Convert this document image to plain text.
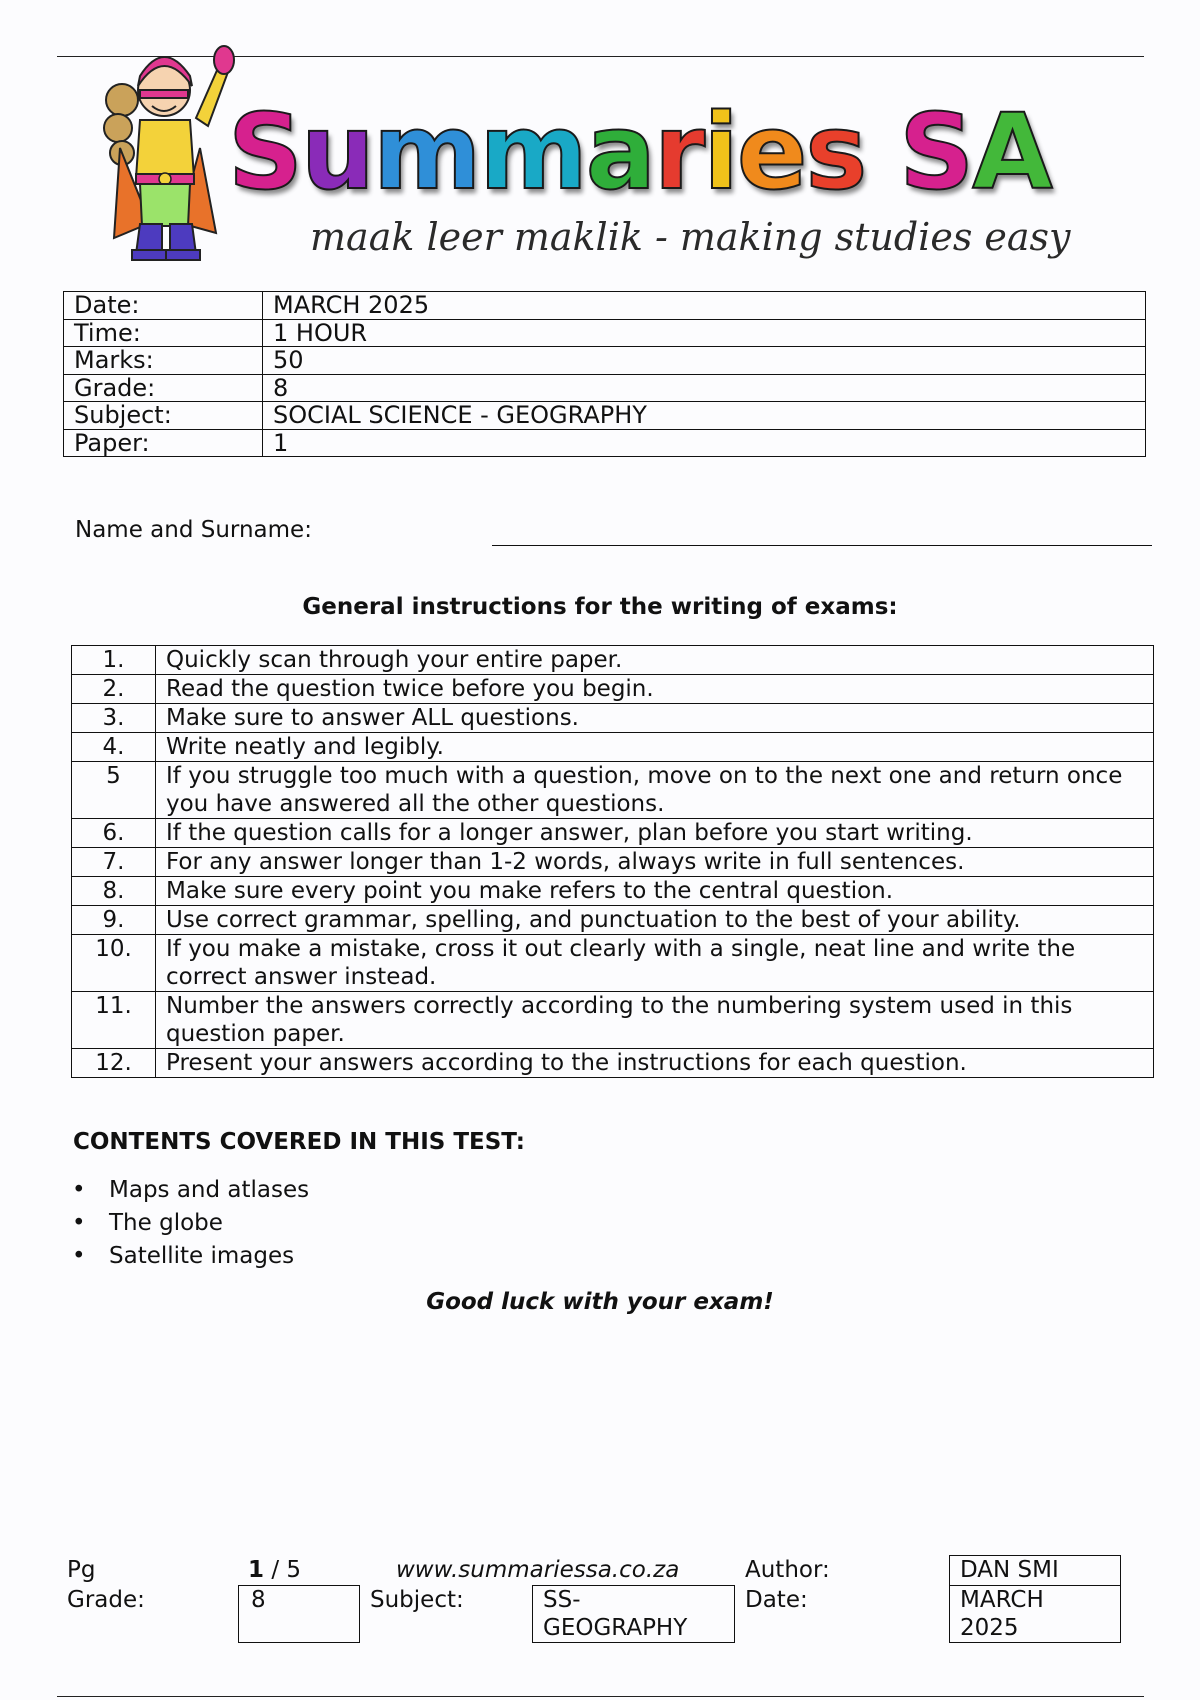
Summaries SA
maak leer maklik - making studies easy
Date:	MARCH 2025
Time:	1 HOUR
Marks:	50
Grade:	8
Subject:	SOCIAL SCIENCE - GEOGRAPHY
Paper:	1
Name and Surname:
General instructions for the writing of exams:
1.	Quickly scan through your entire paper.
2.	Read the question twice before you begin.
3.	Make sure to answer ALL questions.
4.	Write neatly and legibly.
5	If you struggle too much with a question, move on to the next one and return once you have answered all the other questions.
6.	If the question calls for a longer answer, plan before you start writing.
7.	For any answer longer than 1-2 words, always write in full sentences.
8.	Make sure every point you make refers to the central question.
9.	Use correct grammar, spelling, and punctuation to the best of your ability.
10.	If you make a mistake, cross it out clearly with a single, neat line and write the correct answer instead.
11.	Number the answers correctly according to the numbering system used in this question paper.
12.	Present your answers according to the instructions for each question.
CONTENTS COVERED IN THIS TEST:
• Maps and atlases
• The globe
• Satellite images
Good luck with your exam!
Pg	1 / 5	www.summariessa.co.za	Author:	DAN SMI
Grade:	8	Subject:	SS-
GEOGRAPHY
Date:	MARCH
2025
